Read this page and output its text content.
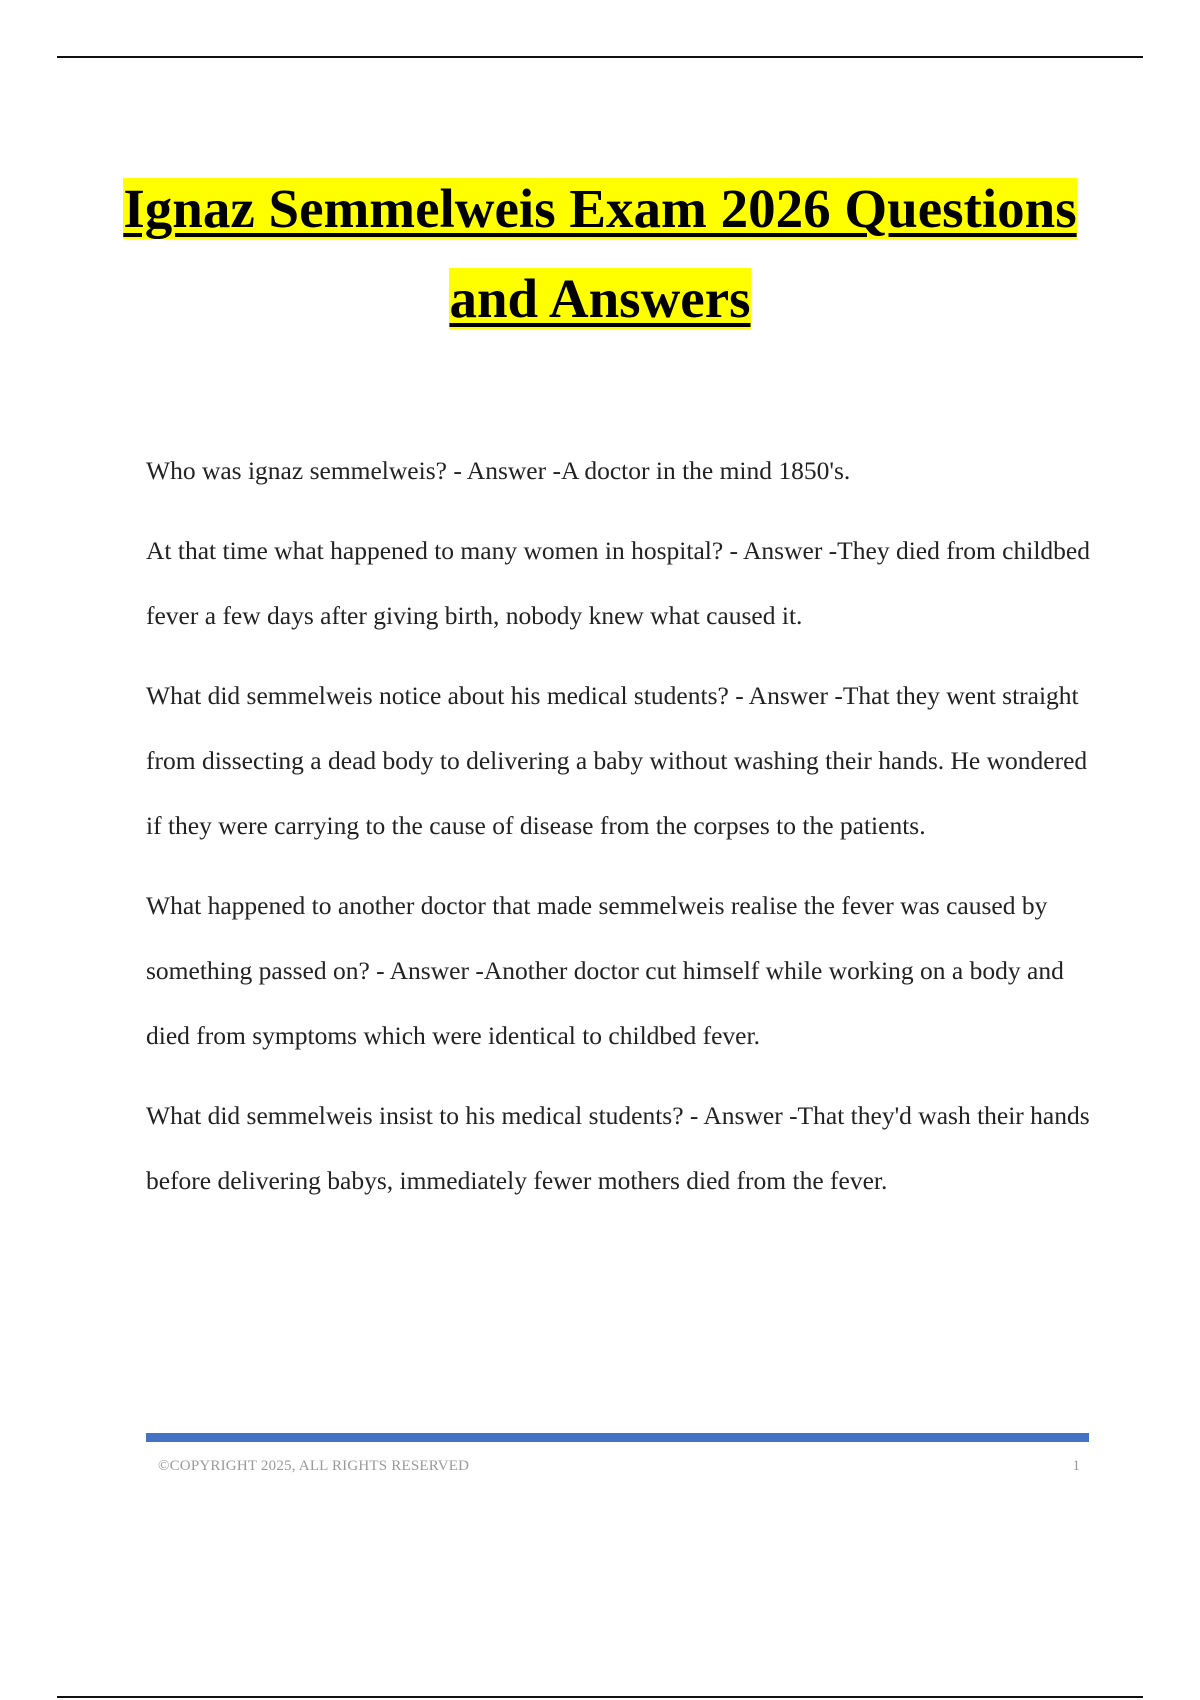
Ignaz Semmelweis Exam 2026 Questions
and Answers

Who was ignaz semmelweis? - Answer -A doctor in the mind 1850's.

At that time what happened to many women in hospital? - Answer -They died from childbed fever a few days after giving birth, nobody knew what caused it.

What did semmelweis notice about his medical students? - Answer -That they went straight from dissecting a dead body to delivering a baby without washing their hands. He wondered if they were carrying to the cause of disease from the corpses to the patients.

What happened to another doctor that made semmelweis realise the fever was caused by something passed on? - Answer -Another doctor cut himself while working on a body and died from symptoms which were identical to childbed fever.

What did semmelweis insist to his medical students? - Answer -That they'd wash their hands before delivering babys, immediately fewer mothers died from the fever.

©COPYRIGHT 2025, ALL RIGHTS RESERVED	1
